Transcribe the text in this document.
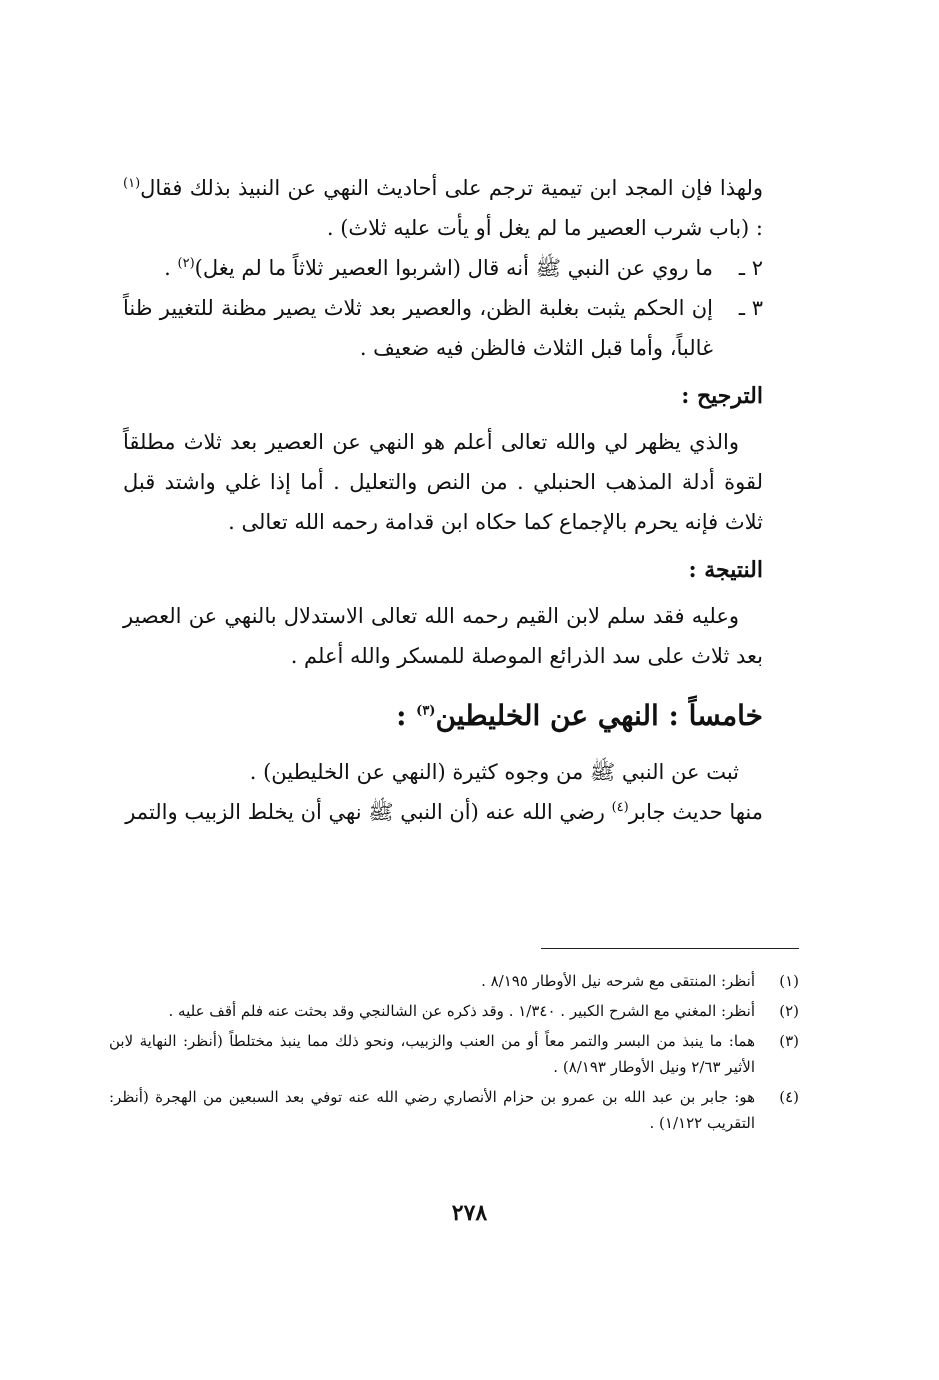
ولهذا فإن المجد ابن تيمية ترجم على أحاديث النهي عن النبيذ بذلك فقال$^{(١)}$ : (باب شرب العصير ما لم يغل أو يأت عليه ثلاث) .

٢ ـ
ما روي عن النبي ﷺ أنه قال (اشربوا العصير ثلاثاً ما لم يغل)$^{(٢)}$ .
٣ ـ
إن الحكم يثبت بغلبة الظن، والعصير بعد ثلاث يصير مظنة للتغيير ظناً غالباً، وأما قبل الثلاث فالظن فيه ضعيف .

الترجيح :

والذي يظهر لي والله تعالى أعلم هو النهي عن العصير بعد ثلاث مطلقاً لقوة أدلة المذهب الحنبلي . من النص والتعليل . أما إذا غلي واشتد قبل ثلاث فإنه يحرم بالإجماع كما حكاه ابن قدامة رحمه الله تعالى .

النتيجة :

وعليه فقد سلم لابن القيم رحمه الله تعالى الاستدلال بالنهي عن العصير بعد ثلاث على سد الذرائع الموصلة للمسكر والله أعلم .

خامساً : النهي عن الخليطين$^{(٣)}$ :

ثبت عن النبي ﷺ من وجوه كثيرة (النهي عن الخليطين) .

منها حديث جابر$^{(٤)}$ رضي الله عنه (أن النبي ﷺ نهي أن يخلط الزبيب والتمر

(١)
أنظر: المنتقى مع شرحه نيل الأوطار ٨/١٩٥ .
(٢)
أنظر: المغني مع الشرح الكبير . ١/٣٤٠ . وقد ذكره عن الشالنجي وقد بحثت عنه فلم أقف عليه .
(٣)
هما: ما ينبذ من البسر والتمر معاً أو من العنب والزبيب، ونحو ذلك مما ينبذ مختلطاً (أنظر: النهاية لابن الأثير ٢/٦٣ ونيل الأوطار ٨/١٩٣) .
(٤)
هو: جابر بن عبد الله بن عمرو بن حزام الأنصاري رضي الله عنه توفي بعد السبعين من الهجرة (أنظر: التقريب ١/١٢٢) .
٢٧٨
